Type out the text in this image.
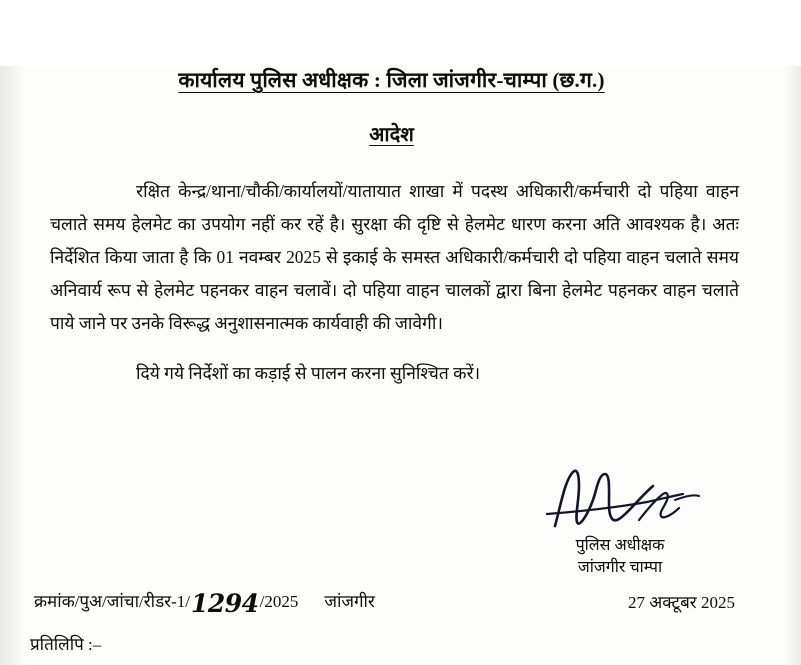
कार्यालय पुलिस अधीक्षक : जिला जांजगीर-चाम्पा (छ.ग.)
आदेश
रक्षित केन्द्र/थाना/चौकी/कार्यालयों/यातायात शाखा में पदस्थ अधिकारी/कर्मचारी दो पहिया वाहन चलाते समय हेलमेट का उपयोग नहीं कर रहें है। सुरक्षा की दृष्टि से हेलमेट धारण करना अति आवश्यक है। अतः निर्देशित किया जाता है कि 01 नवम्बर 2025 से इकाई के समस्त अधिकारी/कर्मचारी दो पहिया वाहन चलाते समय अनिवार्य रूप से हेलमेट पहनकर वाहन चलावें। दो पहिया वाहन चालकों द्वारा बिना हेलमेट पहनकर वाहन चलाते पाये जाने पर उनके विरूद्ध अनुशासनात्मक कार्यवाही की जावेगी।
दिये गये निर्देशों का कड़ाई से पालन करना सुनिश्चित करें।
पुलिस अधीक्षक
जांजगीर चाम्पा
क्रमांक/पुअ/जांचा/रीडर-1/ 1294 /2025 जांजगीर	27 अक्टूबर 2025
प्रतिलिपि :–
